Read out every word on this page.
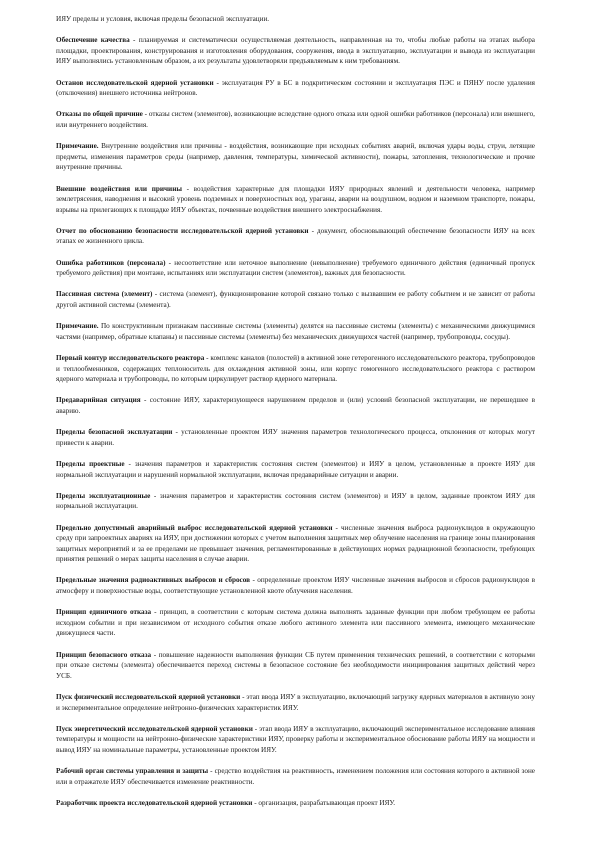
ИЯУ пределы и условия, включая пределы безопасной эксплуатации.

Обеспечение качества - планируемая и систематически осуществляемая деятельность, направленная на то, чтобы любые работы на этапах выбора площадки, проектирования, конструирования и изготовления оборудования, сооружения, ввода в эксплуатацию, эксплуатации и вывода из эксплуатации ИЯУ выполнялись установленным образом, а их результаты удовлетворяли предъявляемым к ним требованиям.

Останов исследовательской ядерной установки - эксплуатация РУ в БС в подкритическом состоянии и эксплуатация ПЭС и ПЯНУ после удаления (отключения) внешнего источника нейтронов.

Отказы по общей причине - отказы систем (элементов), возникающие вследствие одного отказа или одной ошибки работников (персонала) или внешнего, или внутреннего воздействия.

Примечание. Внутренние воздействия или причины - воздействия, возникающие при исходных событиях аварий, включая удары воды, струи, летящие предметы, изменения параметров среды (например, давления, температуры, химической активности), пожары, затопления, технологические и прочие внутренние причины.

Внешние воздействия или причины - воздействия характерные для площадки ИЯУ природных явлений и деятельности человека, например землетрясения, наводнения и высокий уровень подземных и поверхностных вод, ураганы, аварии на воздушном, водном и наземном транспорте, пожары, взрывы на прилегающих к площадке ИЯУ объектах, почвенные воздействия внешнего электроснабжения.

Отчет по обоснованию безопасности исследовательской ядерной установки - документ, обосновывающий обеспечение безопасности ИЯУ на всех этапах ее жизненного цикла.

Ошибка работников (персонала) - несоответствие или неточное выполнение (невыполнение) требуемого единичного действия (единичный пропуск требуемого действия) при монтаже, испытаниях или эксплуатации систем (элементов), важных для безопасности.

Пассивная система (элемент) - система (элемент), функционирование которой связано только с вызвавшим ее работу событием и не зависит от работы другой активной системы (элемента).

Примечание. По конструктивным признакам пассивные системы (элементы) делятся на пассивные системы (элементы) с механическими движущимися частями (например, обратные клапаны) и пассивные системы (элементы) без механических движущихся частей (например, трубопроводы, сосуды).

Первый контур исследовательского реактора - комплекс каналов (полостей) в активной зоне гетерогенного исследовательского реактора, трубопроводов и теплообменников, содержащих теплоноситель для охлаждения активной зоны, или корпус гомогенного исследовательского реактора с раствором ядерного материала и трубопроводы, по которым циркулирует раствор ядерного материала.

Предаварийная ситуация - состояние ИЯУ, характеризующееся нарушением пределов и (или) условий безопасной эксплуатации, не перешедшее в аварию.

Пределы безопасной эксплуатации - установленные проектом ИЯУ значения параметров технологического процесса, отклонения от которых могут привести к аварии.

Пределы проектные - значения параметров и характеристик состояния систем (элементов) и ИЯУ в целом, установленные в проекте ИЯУ для нормальной эксплуатации и нарушений нормальной эксплуатации, включая предаварийные ситуации и аварии.

Пределы эксплуатационные - значения параметров и характеристик состояния систем (элементов) и ИЯУ в целом, заданные проектом ИЯУ для нормальной эксплуатации.

Предельно допустимый аварийный выброс исследовательской ядерной установки - численные значения выброса радионуклидов в окружающую среду при запроектных авариях на ИЯУ, при достижении которых с учетом выполнения защитных мер облучение населения на границе зоны планирования защитных мероприятий и за ее пределами не превышает значения, регламентированные в действующих нормах радиационной безопасности, требующих принятия решений о мерах защиты населения в случае аварии.

Предельные значения радиоактивных выбросов и сбросов - определенные проектом ИЯУ численные значения выбросов и сбросов радионуклидов в атмосферу и поверхностные воды, соответствующие установленной квоте облучения населения.

Принцип единичного отказа - принцип, в соответствии с которым система должна выполнять заданные функции при любом требующем ее работы исходном событии и при независимом от исходного события отказе любого активного элемента или пассивного элемента, имеющего механические движущиеся части.

Принцип безопасного отказа - повышение надежности выполнения функции СБ путем применения технических решений, в соответствии с которыми при отказе системы (элемента) обеспечивается переход системы в безопасное состояние без необходимости инициирования защитных действий через УСБ.

Пуск физический исследовательской ядерной установки - этап ввода ИЯУ в эксплуатацию, включающий загрузку ядерных материалов в активную зону и экспериментальное определение нейтронно-физических характеристик ИЯУ.

Пуск энергетический исследовательской ядерной установки - этап ввода ИЯУ в эксплуатацию, включающий экспериментальное исследование влияния температуры и мощности на нейтронно-физические характеристики ИЯУ, проверку работы и экспериментальное обоснование работы ИЯУ на мощности и вывод ИЯУ на номинальные параметры, установленные проектом ИЯУ.

Рабочий орган системы управления и защиты - средство воздействия на реактивность, изменением положения или состояния которого в активной зоне или в отражателе ИЯУ обеспечивается изменение реактивности.

Разработчик проекта исследовательской ядерной установки - организация, разрабатывающая проект ИЯУ.
